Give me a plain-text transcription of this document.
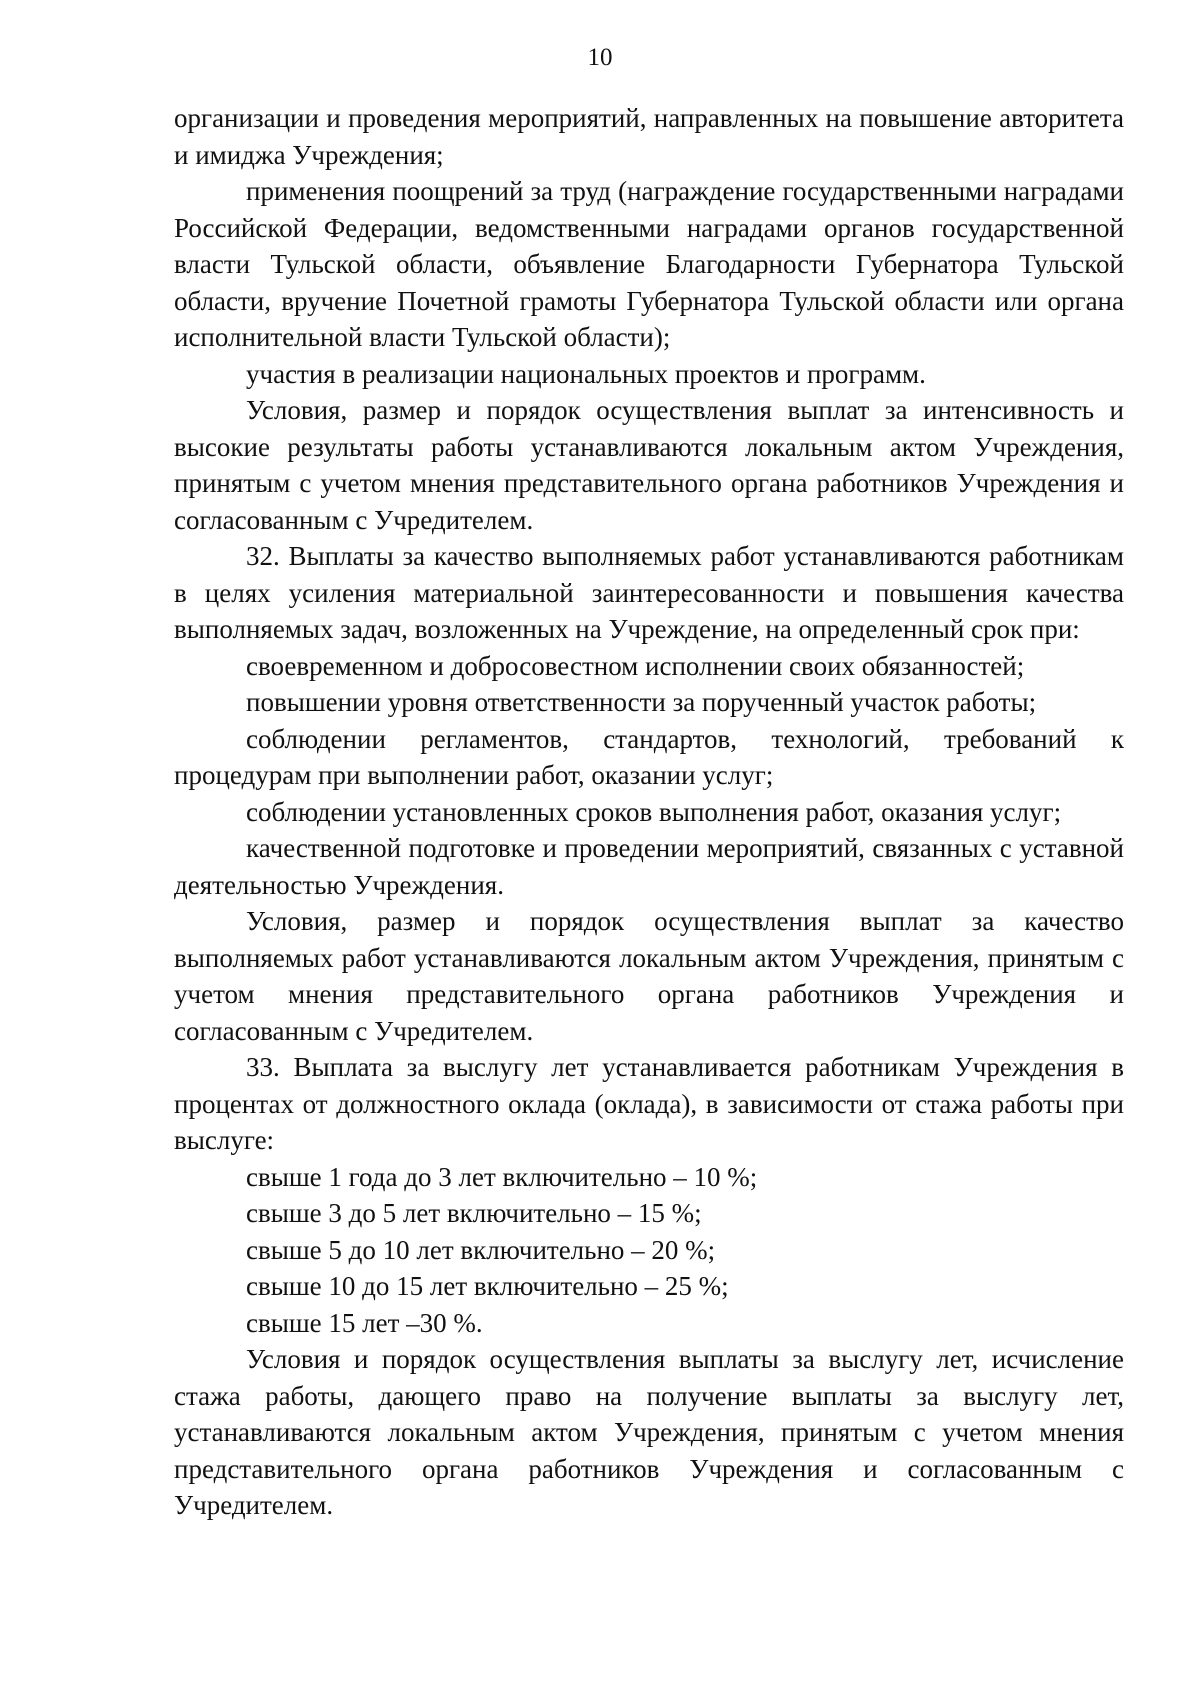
10

организации и проведения мероприятий, направленных на повышение авторитета и имиджа Учреждения;

применения поощрений за труд (награждение государственными наградами Российской Федерации, ведомственными наградами органов государственной власти Тульской области, объявление Благодарности Губернатора Тульской области, вручение Почетной грамоты Губернатора Тульской области или органа исполнительной власти Тульской области);

участия в реализации национальных проектов и программ.

Условия, размер и порядок осуществления выплат за интенсивность и высокие результаты работы устанавливаются локальным актом Учреждения, принятым с учетом мнения представительного органа работников Учреждения и согласованным с Учредителем.

32. Выплаты за качество выполняемых работ устанавливаются работникам в целях усиления материальной заинтересованности и повышения качества выполняемых задач, возложенных на Учреждение, на определенный срок при:

своевременном и добросовестном исполнении своих обязанностей;

повышении уровня ответственности за порученный участок работы;

соблюдении регламентов, стандартов, технологий, требований к процедурам при выполнении работ, оказании услуг;

соблюдении установленных сроков выполнения работ, оказания услуг;

качественной подготовке и проведении мероприятий, связанных с уставной деятельностью Учреждения.

Условия, размер и порядок осуществления выплат за качество выполняемых работ устанавливаются локальным актом Учреждения, принятым с учетом мнения представительного органа работников Учреждения и согласованным с Учредителем.

33. Выплата за выслугу лет устанавливается работникам Учреждения в процентах от должностного оклада (оклада), в зависимости от стажа работы при выслуге:

свыше 1 года до 3 лет включительно – 10 %;

свыше 3 до 5 лет включительно – 15 %;

свыше 5 до 10 лет включительно – 20 %;

свыше 10 до 15 лет включительно – 25 %;

свыше 15 лет –30 %.

Условия и порядок осуществления выплаты за выслугу лет, исчисление стажа работы, дающего право на получение выплаты за выслугу лет, устанавливаются локальным актом Учреждения, принятым с учетом мнения представительного органа работников Учреждения и согласованным с Учредителем.
